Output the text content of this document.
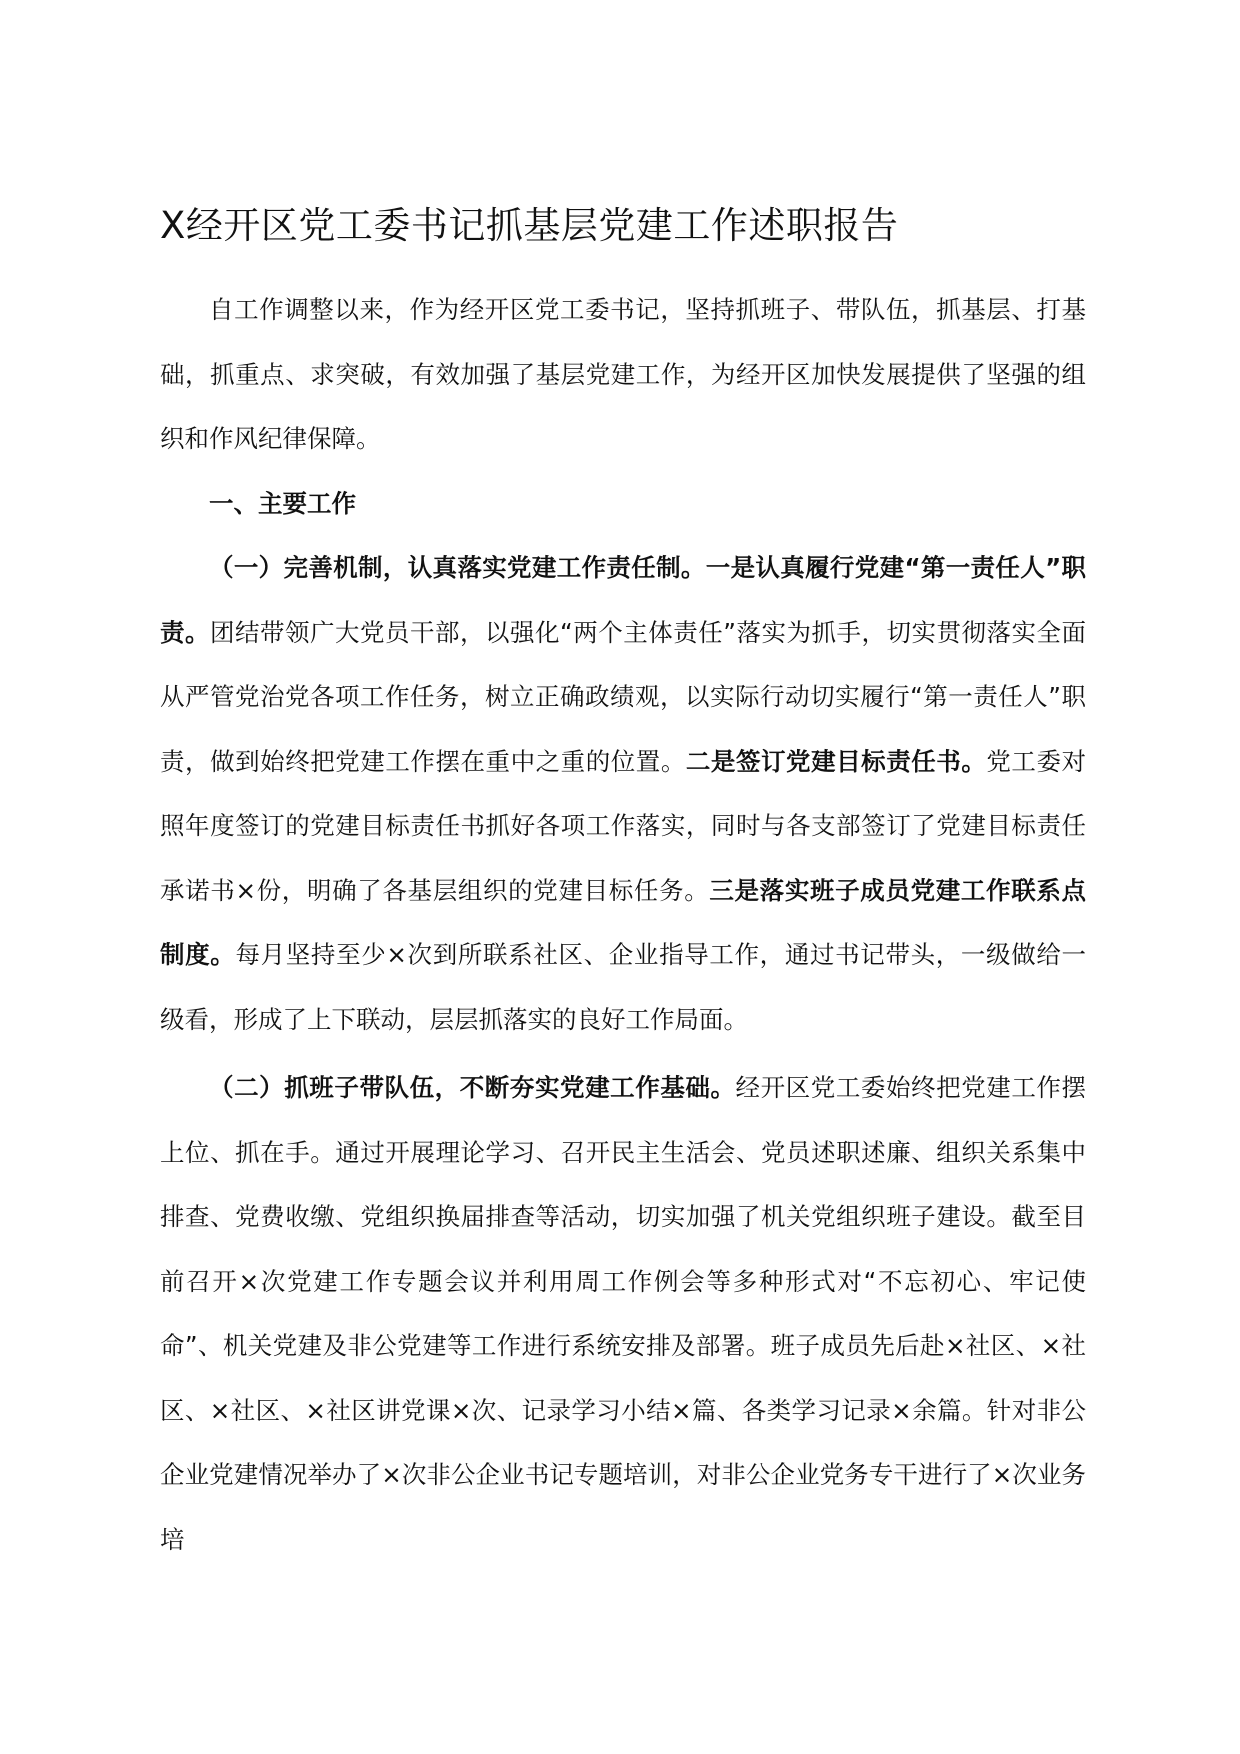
X经开区党工委书记抓基层党建工作述职报告

自工作调整以来，作为经开区党工委书记，坚持抓班子、带队伍，抓基层、打基础，抓重点、求突破，有效加强了基层党建工作，为经开区加快发展提供了坚强的组织和作风纪律保障。

一、主要工作

（一）完善机制，认真落实党建工作责任制。一是认真履行党建“第一责任人”职责。团结带领广大党员干部，以强化“两个主体责任”落实为抓手，切实贯彻落实全面从严管党治党各项工作任务，树立正确政绩观，以实际行动切实履行“第一责任人”职责，做到始终把党建工作摆在重中之重的位置。二是签订党建目标责任书。党工委对照年度签订的党建目标责任书抓好各项工作落实，同时与各支部签订了党建目标责任承诺书×份，明确了各基层组织的党建目标任务。三是落实班子成员党建工作联系点制度。每月坚持至少×次到所联系社区、企业指导工作，通过书记带头，一级做给一级看，形成了上下联动，层层抓落实的良好工作局面。

（二）抓班子带队伍，不断夯实党建工作基础。经开区党工委始终把党建工作摆上位、抓在手。通过开展理论学习、召开民主生活会、党员述职述廉、组织关系集中排查、党费收缴、党组织换届排查等活动，切实加强了机关党组织班子建设。截至目前召开×次党建工作专题会议并利用周工作例会等多种形式对“不忘初心、牢记使命”、机关党建及非公党建等工作进行系统安排及部署。班子成员先后赴×社区、×社区、×社区、×社区讲党课×次、记录学习小结×篇、各类学习记录×余篇。针对非公企业党建情况举办了×次非公企业书记专题培训，对非公企业党务专干进行了×次业务培
